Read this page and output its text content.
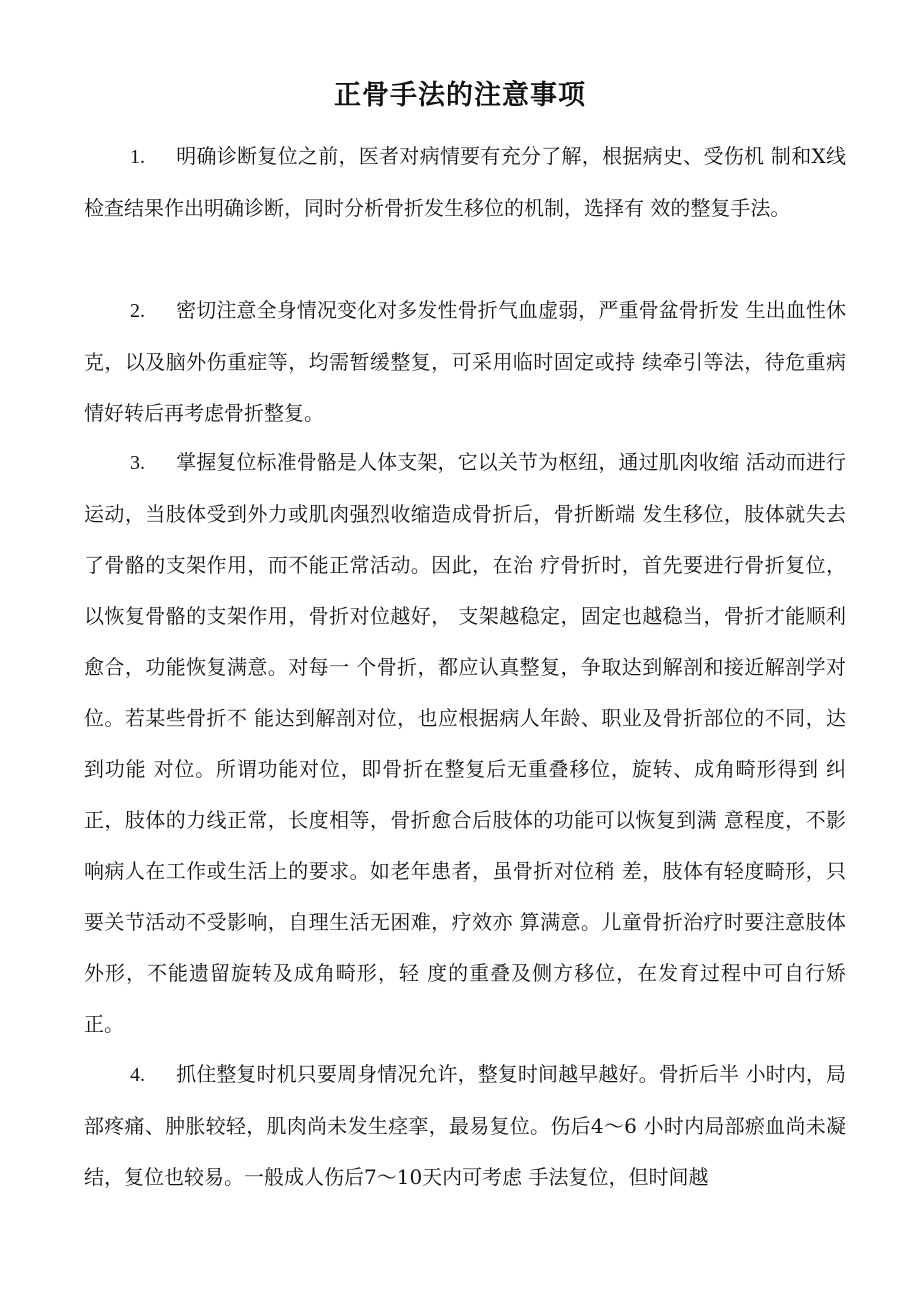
正骨手法的注意事项

1. 明确诊断复位之前，医者对病情要有充分了解，根据病史、受伤机 制和X线检查结果作出明确诊断，同时分析骨折发生移位的机制，选择有 效的整复手法。

2. 密切注意全身情况变化对多发性骨折气血虚弱，严重骨盆骨折发 生出血性休克，以及脑外伤重症等，均需暂缓整复，可采用临时固定或持 续牵引等法，待危重病情好转后再考虑骨折整复。

3. 掌握复位标准骨骼是人体支架，它以关节为枢纽，通过肌肉收缩 活动而进行运动，当肢体受到外力或肌肉强烈收缩造成骨折后，骨折断端 发生移位，肢体就失去了骨骼的支架作用，而不能正常活动。因此，在治 疗骨折时，首先要进行骨折复位，以恢复骨骼的支架作用，骨折对位越好， 支架越稳定，固定也越稳当，骨折才能顺利愈合，功能恢复满意。对每一 个骨折，都应认真整复，争取达到解剖和接近解剖学对位。若某些骨折不 能达到解剖对位，也应根据病人年龄、职业及骨折部位的不同，达到功能 对位。所谓功能对位，即骨折在整复后无重叠移位，旋转、成角畸形得到 纠正，肢体的力线正常，长度相等，骨折愈合后肢体的功能可以恢复到满 意程度，不影响病人在工作或生活上的要求。如老年患者，虽骨折对位稍 差，肢体有轻度畸形，只要关节活动不受影响，自理生活无困难，疗效亦 算满意。儿童骨折治疗时要注意肢体外形，不能遗留旋转及成角畸形，轻 度的重叠及侧方移位，在发育过程中可自行矫正。

4. 抓住整复时机只要周身情况允许，整复时间越早越好。骨折后半 小时内，局部疼痛、肿胀较轻，肌肉尚未发生痉挛，最易复位。伤后4〜6 小时内局部瘀血尚未凝结，复位也较易。一般成人伤后7〜10天内可考虑 手法复位，但时间越
